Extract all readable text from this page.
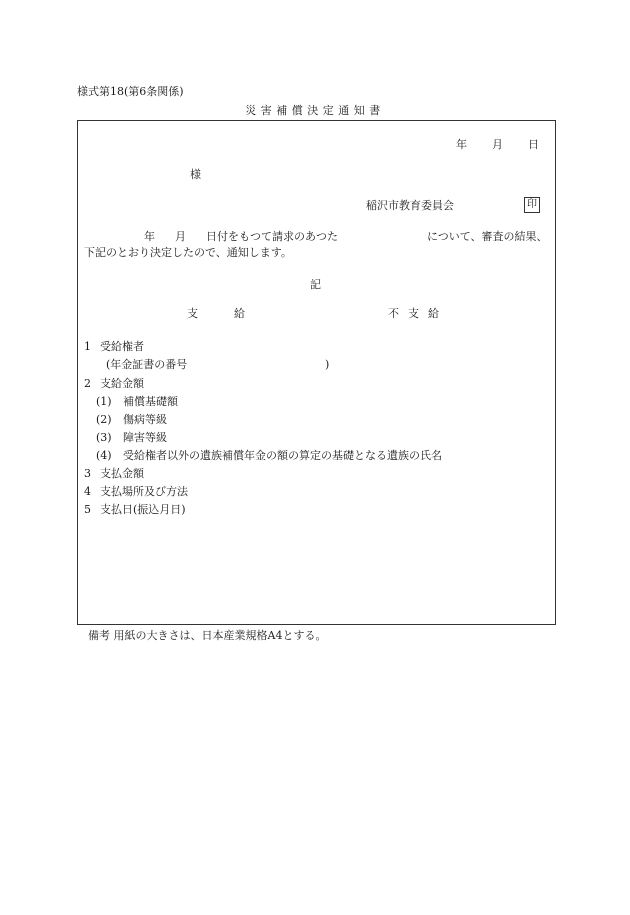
様式第18(第6条関係)
災害補償決定通知書
年 月 日
様
稲沢市教育委員会	印
年 月 日付をもつて請求のあつた	について、審査の結果、
下記のとおり決定したので、通知します。
記
支給	不支給
1 受給権者
(年金証書の番号	)
2 支給金額
(1) 補償基礎額
(2) 傷病等級
(3) 障害等級
(4) 受給権者以外の遺族補償年金の額の算定の基礎となる遺族の氏名
3 支払金額
4 支払場所及び方法
5 支払日(振込月日)
備考 用紙の大きさは、日本産業規格A4とする。
